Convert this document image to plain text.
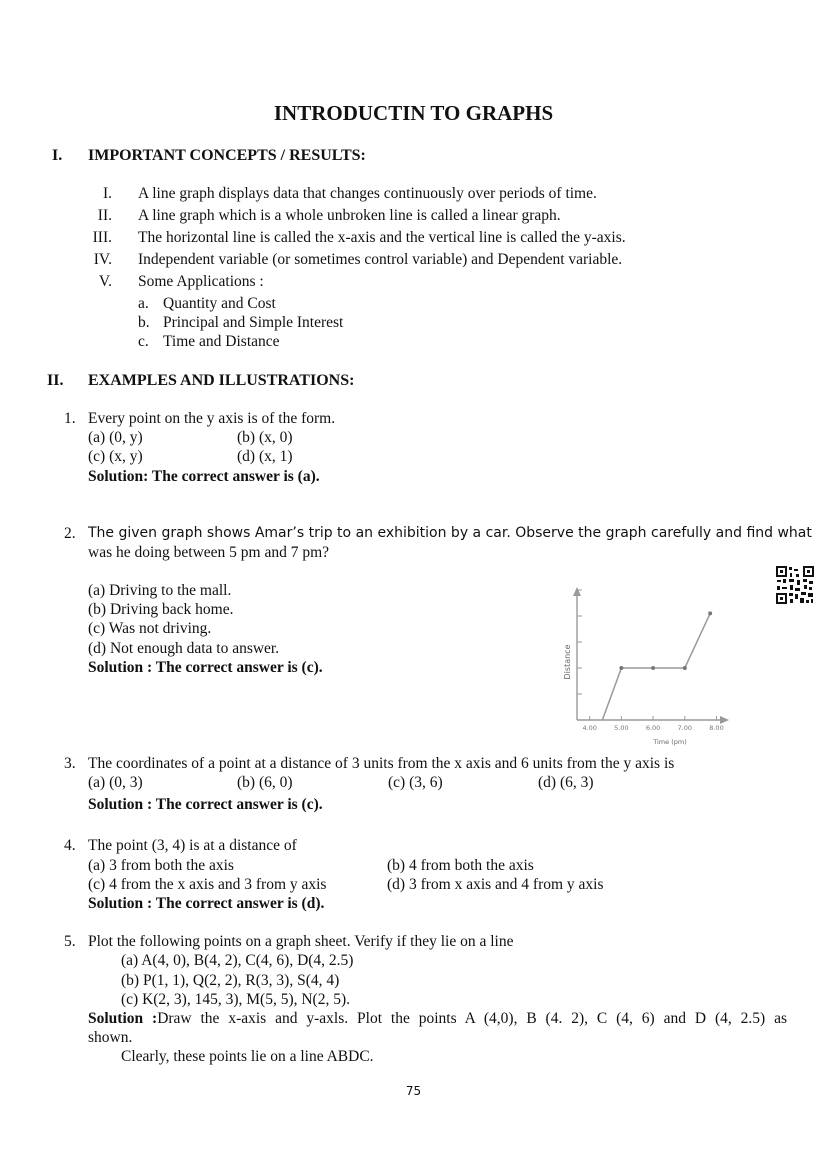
INTRODUCTIN TO GRAPHS
I. IMPORTANT CONCEPTS / RESULTS:
I. A line graph displays data that changes continuously over periods of time.
II. A line graph which is a whole unbroken line is called a linear graph.
III. The horizontal line is called the x-axis and the vertical line is called the y-axis.
IV. Independent variable (or sometimes control variable) and Dependent variable.
V. Some Applications :
a. Quantity and Cost
b. Principal and Simple Interest
c. Time and Distance
II. EXAMPLES AND ILLUSTRATIONS:
1. Every point on the y axis is of the form.
(a) (0, y)	(b) (x, 0)
(c) (x, y)	(d) (x, 1)
Solution: The correct answer is (a).
2. The given graph shows Amar’s trip to an exhibition by a car. Observe the graph carefully and find what
was he doing between 5 pm and 7 pm?
(a) Driving to the mall.
(b) Driving back home.
(c) Was not driving.
(d) Not enough data to answer.
Solution : The correct answer is (c).	Distance
Time (pm)
4.00	5.00	6.00	7.00	8.00
3. The coordinates of a point at a distance of 3 units from the x axis and 6 units from the y axis is
(a) (0, 3)	(b) (6, 0)	(c) (3, 6)	(d) (6, 3)
Solution : The correct answer is (c).
4. The point (3, 4) is at a distance of
(a) 3 from both the axis	(b) 4 from both the axis
(c) 4 from the x axis and 3 from y axis	(d) 3 from x axis and 4 from y axis
Solution : The correct answer is (d).
5. Plot the following points on a graph sheet. Verify if they lie on a line
(a) A(4, 0), B(4, 2), C(4, 6), D(4, 2.5)
(b) P(1, 1), Q(2, 2), R(3, 3), S(4, 4)
(c) K(2, 3), 145, 3), M(5, 5), N(2, 5).
Solution :Draw the x-axis and y-axls. Plot the points A (4,0), B (4. 2), C (4, 6) and D (4, 2.5) as
shown.
Clearly, these points lie on a line ABDC.
75
